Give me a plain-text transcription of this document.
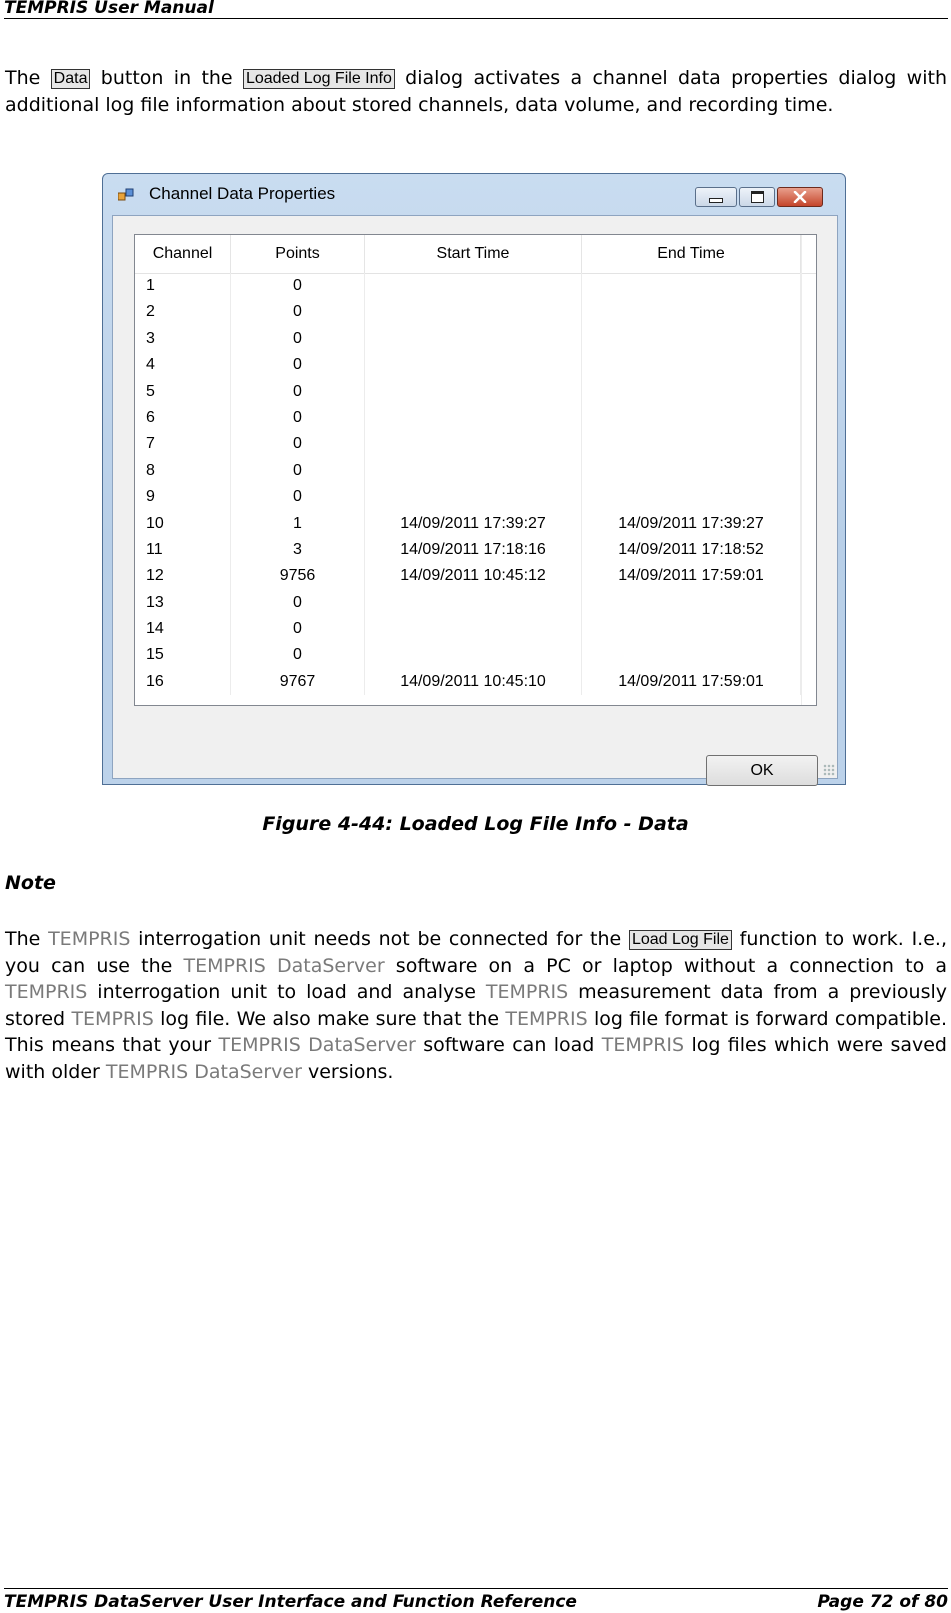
TEMPRIS User Manual
The Data button in the Loaded Log File Info dialog activates a channel data properties dialog with additional log file information about stored channels, data volume, and recording time.
Channel Data Properties
Channel	Points	Start Time	End Time
1	0
2	0
3	0
4	0
5	0
6	0
7	0
8	0
9	0
10	1	14/09/2011 17:39:27	14/09/2011 17:39:27
11	3	14/09/2011 17:18:16	14/09/2011 17:18:52
12	9756	14/09/2011 10:45:12	14/09/2011 17:59:01
13	0
14	0
15	0
16	9767	14/09/2011 10:45:10	14/09/2011 17:59:01
OK
Figure 4-44: Loaded Log File Info - Data
Note
The TEMPRIS interrogation unit needs not be connected for the Load Log File function to work. I.e., you can use the TEMPRIS DataServer software on a PC or laptop without a connection to a TEMPRIS interrogation unit to load and analyse TEMPRIS measurement data from a previously stored TEMPRIS log file. We also make sure that the TEMPRIS log file format is forward compatible. This means that your TEMPRIS DataServer software can load TEMPRIS log files which were saved with older TEMPRIS DataServer versions.
TEMPRIS DataServer User Interface and Function Reference	Page 72 of 80
